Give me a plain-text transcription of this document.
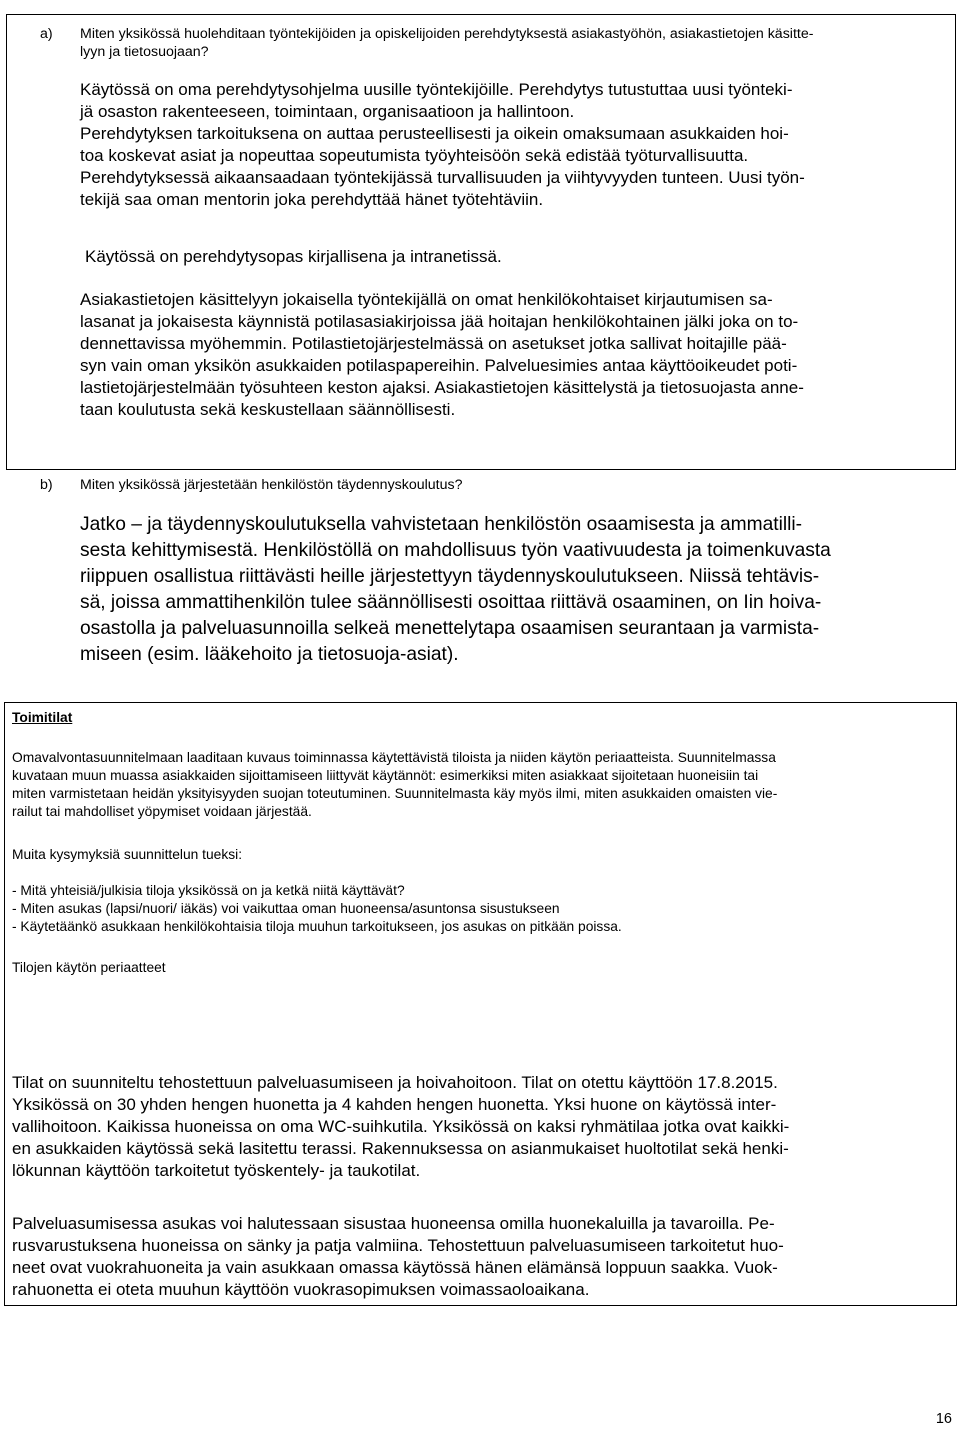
a) Miten yksikössä huolehditaan työntekijöiden ja opiskelijoiden perehdytyksestä asiakastyöhön, asiakastietojen käsitte-

lyyn ja tietosuojaan?

Käytössä on oma perehdytysohjelma uusille työntekijöille. Perehdytys tutustuttaa uusi työnteki-

jä osaston rakenteeseen, toimintaan, organisaatioon ja hallintoon.

Perehdytyksen tarkoituksena on auttaa perusteellisesti ja oikein omaksumaan asukkaiden hoi-

toa koskevat asiat ja nopeuttaa sopeutumista työyhteisöön sekä edistää työturvallisuutta.

Perehdytyksessä aikaansaadaan työntekijässä turvallisuuden ja viihtyvyyden tunteen. Uusi työn-

tekijä saa oman mentorin joka perehdyttää hänet työtehtäviin.

Käytössä on perehdytysopas kirjallisena ja intranetissä.

Asiakastietojen käsittelyyn jokaisella työntekijällä on omat henkilökohtaiset kirjautumisen sa-

lasanat ja jokaisesta käynnistä potilasasiakirjoissa jää hoitajan henkilökohtainen jälki joka on to-

dennettavissa myöhemmin. Potilastietojärjestelmässä on asetukset jotka sallivat hoitajille pää-

syn vain oman yksikön asukkaiden potilaspapereihin. Palveluesimies antaa käyttöoikeudet poti-

lastietojärjestelmään työsuhteen keston ajaksi. Asiakastietojen käsittelystä ja tietosuojasta anne-

taan koulutusta sekä keskustellaan säännöllisesti.

b) Miten yksikössä järjestetään henkilöstön täydennyskoulutus?

Jatko – ja täydennyskoulutuksella vahvistetaan henkilöstön osaamisesta ja ammatilli-

sesta kehittymisestä. Henkilöstöllä on mahdollisuus työn vaativuudesta ja toimenkuvasta

riippuen osallistua riittävästi heille järjestettyyn täydennyskoulutukseen. Niissä tehtävis-

sä, joissa ammattihenkilön tulee säännöllisesti osoittaa riittävä osaaminen, on Iin hoiva-

osastolla ja palveluasunnoilla selkeä menettelytapa osaamisen seurantaan ja varmista-

miseen (esim. lääkehoito ja tietosuoja-asiat).

Toimitilat

Omavalvontasuunnitelmaan laaditaan kuvaus toiminnassa käytettävistä tiloista ja niiden käytön periaatteista. Suunnitelmassa

kuvataan muun muassa asiakkaiden sijoittamiseen liittyvät käytännöt: esimerkiksi miten asiakkaat sijoitetaan huoneisiin tai

miten varmistetaan heidän yksityisyyden suojan toteutuminen. Suunnitelmasta käy myös ilmi, miten asukkaiden omaisten vie-

railut tai mahdolliset yöpymiset voidaan järjestää.

Muita kysymyksiä suunnittelun tueksi:

- Mitä yhteisiä/julkisia tiloja yksikössä on ja ketkä niitä käyttävät?

- Miten asukas (lapsi/nuori/ iäkäs) voi vaikuttaa oman huoneensa/asuntonsa sisustukseen

- Käytetäänkö asukkaan henkilökohtaisia tiloja muuhun tarkoitukseen, jos asukas on pitkään poissa.

Tilojen käytön periaatteet

Tilat on suunniteltu tehostettuun palveluasumiseen ja hoivahoitoon. Tilat on otettu käyttöön 17.8.2015.

Yksikössä on 30 yhden hengen huonetta ja 4 kahden hengen huonetta. Yksi huone on käytössä inter-

vallihoitoon. Kaikissa huoneissa on oma WC-suihkutila. Yksikössä on kaksi ryhmätilaa jotka ovat kaikki-

en asukkaiden käytössä sekä lasitettu terassi. Rakennuksessa on asianmukaiset huoltotilat sekä henki-

lökunnan käyttöön tarkoitetut työskentely- ja taukotilat.

Palveluasumisessa asukas voi halutessaan sisustaa huoneensa omilla huonekaluilla ja tavaroilla. Pe-

rusvarustuksena huoneissa on sänky ja patja valmiina. Tehostettuun palveluasumiseen tarkoitetut huo-

neet ovat vuokrahuoneita ja vain asukkaan omassa käytössä hänen elämänsä loppuun saakka. Vuok-

rahuonetta ei oteta muuhun käyttöön vuokrasopimuksen voimassaoloaikana.

16
